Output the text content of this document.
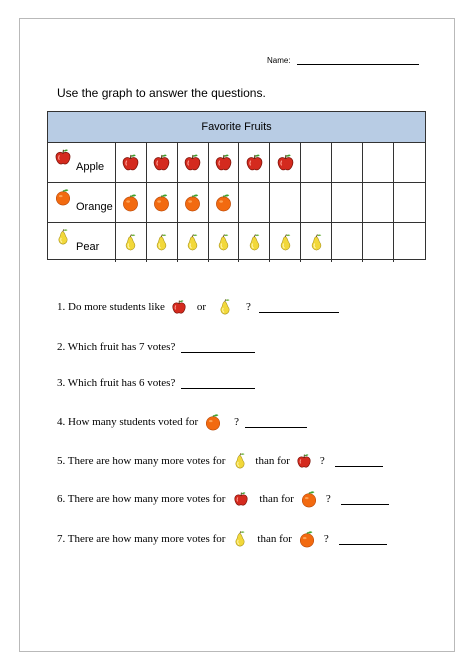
Name:
Use the graph to answer the questions.
Favorite Fruits
Apple
Orange
Pear
1. Do more students like	or	?
2. Which fruit has 7 votes?
3. Which fruit has 6 votes?
4. How many students voted for	?
5. There are how many more votes for	than for	?
6. There are how many more votes for	than for	?
7. There are how many more votes for	than for	?
